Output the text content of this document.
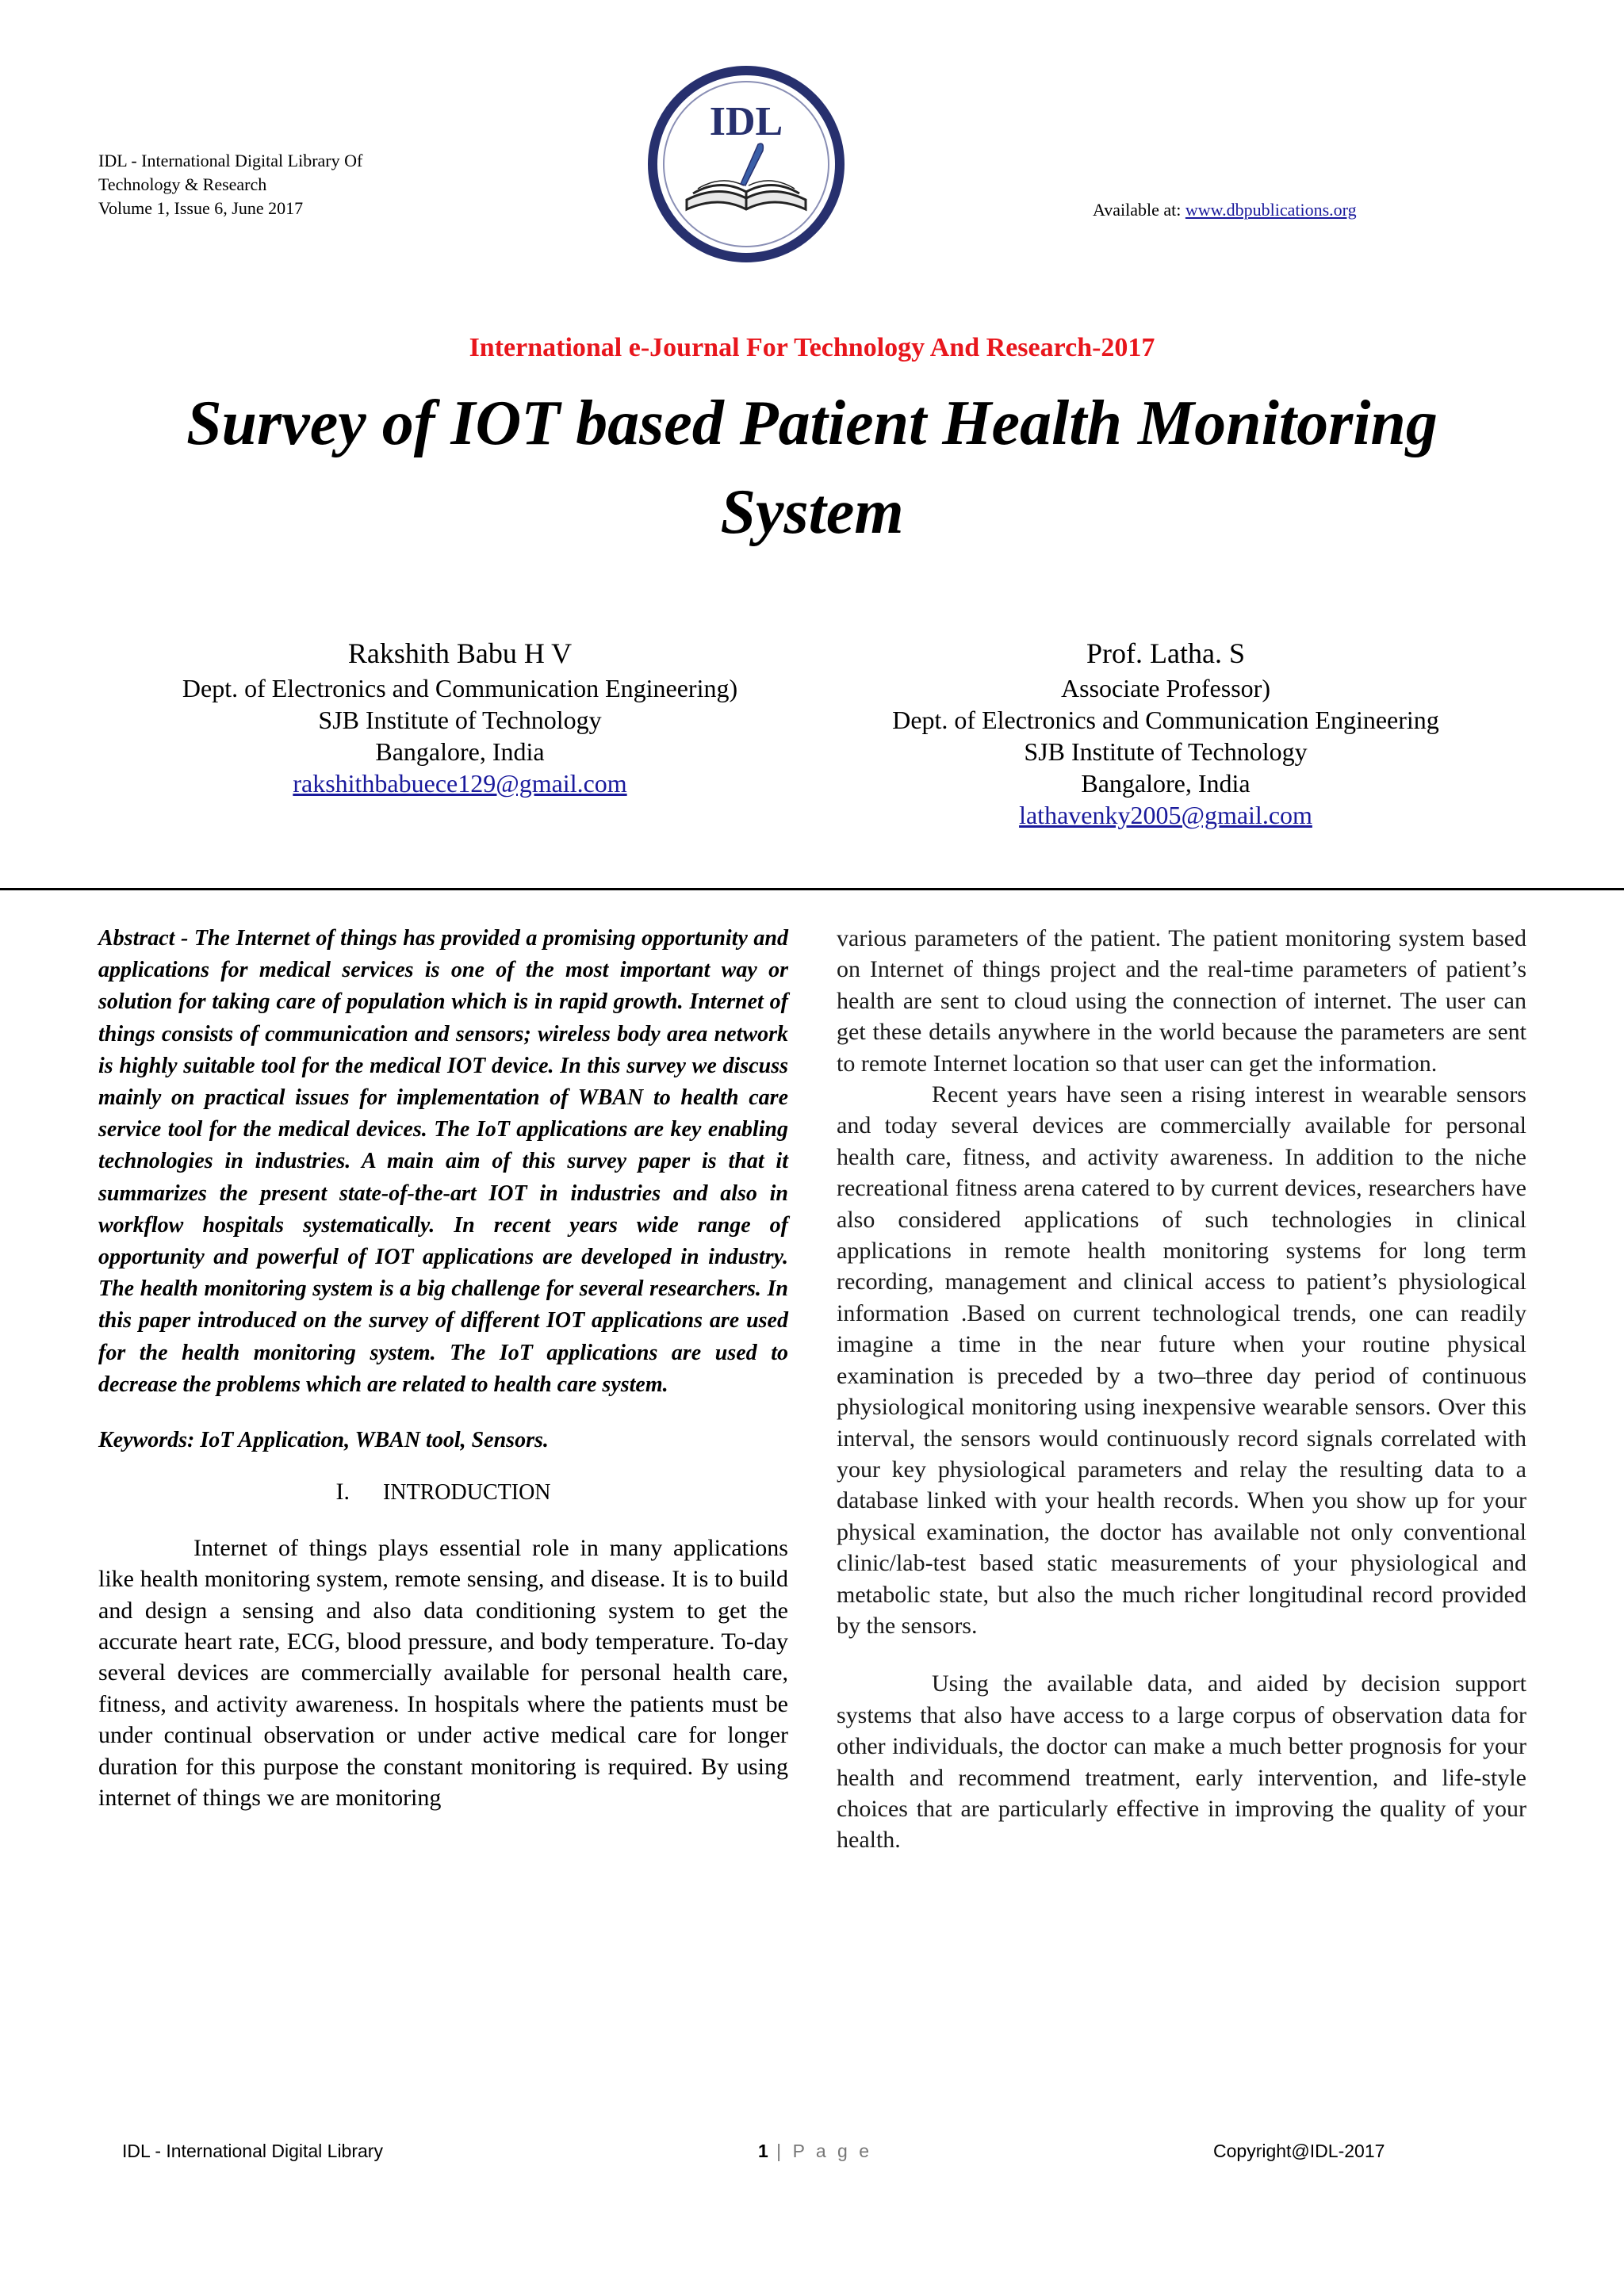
IDL - International Digital Library Of
Technology & Research
Volume 1, Issue 6, June 2017
IDL
Available at: www.dbpublications.org
International e-Journal For Technology And Research-2017
Survey of IOT based Patient Health Monitoring System
Rakshith Babu H V
Dept. of Electronics and Communication Engineering)
SJB Institute of Technology
Bangalore, India
rakshithbabuece129@gmail.com
Prof. Latha. S
Associate Professor)
Dept. of Electronics and Communication Engineering
SJB Institute of Technology
Bangalore, India
lathavenky2005@gmail.com

Abstract - The Internet of things has provided a promising opportunity and applications for medical services is one of the most important way or solution for taking care of population which is in rapid growth. Internet of things consists of communication and sensors; wireless body area network is highly suitable tool for the medical IOT device. In this survey we discuss mainly on practical issues for implementation of WBAN to health care service tool for the medical devices. The IoT applications are key enabling technologies in industries. A main aim of this survey paper is that it summarizes the present state-of-the-art IOT in industries and also in workflow hospitals systematically. In recent years wide range of opportunity and powerful of IOT applications are developed in industry. The health monitoring system is a big challenge for several researchers. In this paper introduced on the survey of different IOT applications are used for the health monitoring system. The IoT applications are used to decrease the problems which are related to health care system.

Keywords: IoT Application, WBAN tool, Sensors.

I. INTRODUCTION

Internet of things plays essential role in many applications like health monitoring system, remote sensing, and disease. It is to build and design a sensing and also data conditioning system to get the accurate heart rate, ECG, blood pressure, and body temperature. To-day several devices are commercially available for personal health care, fitness, and activity awareness. In hospitals where the patients must be under continual observation or under active medical care for longer duration for this purpose the constant monitoring is required. By using internet of things we are monitoring

various parameters of the patient. The patient monitoring system based on Internet of things project and the real-time parameters of patient’s health are sent to cloud using the connection of internet. The user can get these details anywhere in the world because the parameters are sent to remote Internet location so that user can get the information.

Recent years have seen a rising interest in wearable sensors and today several devices are commercially available for personal health care, fitness, and activity awareness. In addition to the niche recreational fitness arena catered to by current devices, researchers have also considered applications of such technologies in clinical applications in remote health monitoring systems for long term recording, management and clinical access to patient’s physiological information .Based on current technological trends, one can readily imagine a time in the near future when your routine physical examination is preceded by a two–three day period of continuous physiological monitoring using inexpensive wearable sensors. Over this interval, the sensors would continuously record signals correlated with your key physiological parameters and relay the resulting data to a database linked with your health records. When you show up for your physical examination, the doctor has available not only conventional clinic/lab-test based static measurements of your physiological and metabolic state, but also the much richer longitudinal record provided by the sensors.

Using the available data, and aided by decision support systems that also have access to a large corpus of observation data for other individuals, the doctor can make a much better prognosis for your health and recommend treatment, early intervention, and life-style choices that are particularly effective in improving the quality of your health.

IDL - International Digital Library	1 | P a g e	Copyright@IDL-2017
